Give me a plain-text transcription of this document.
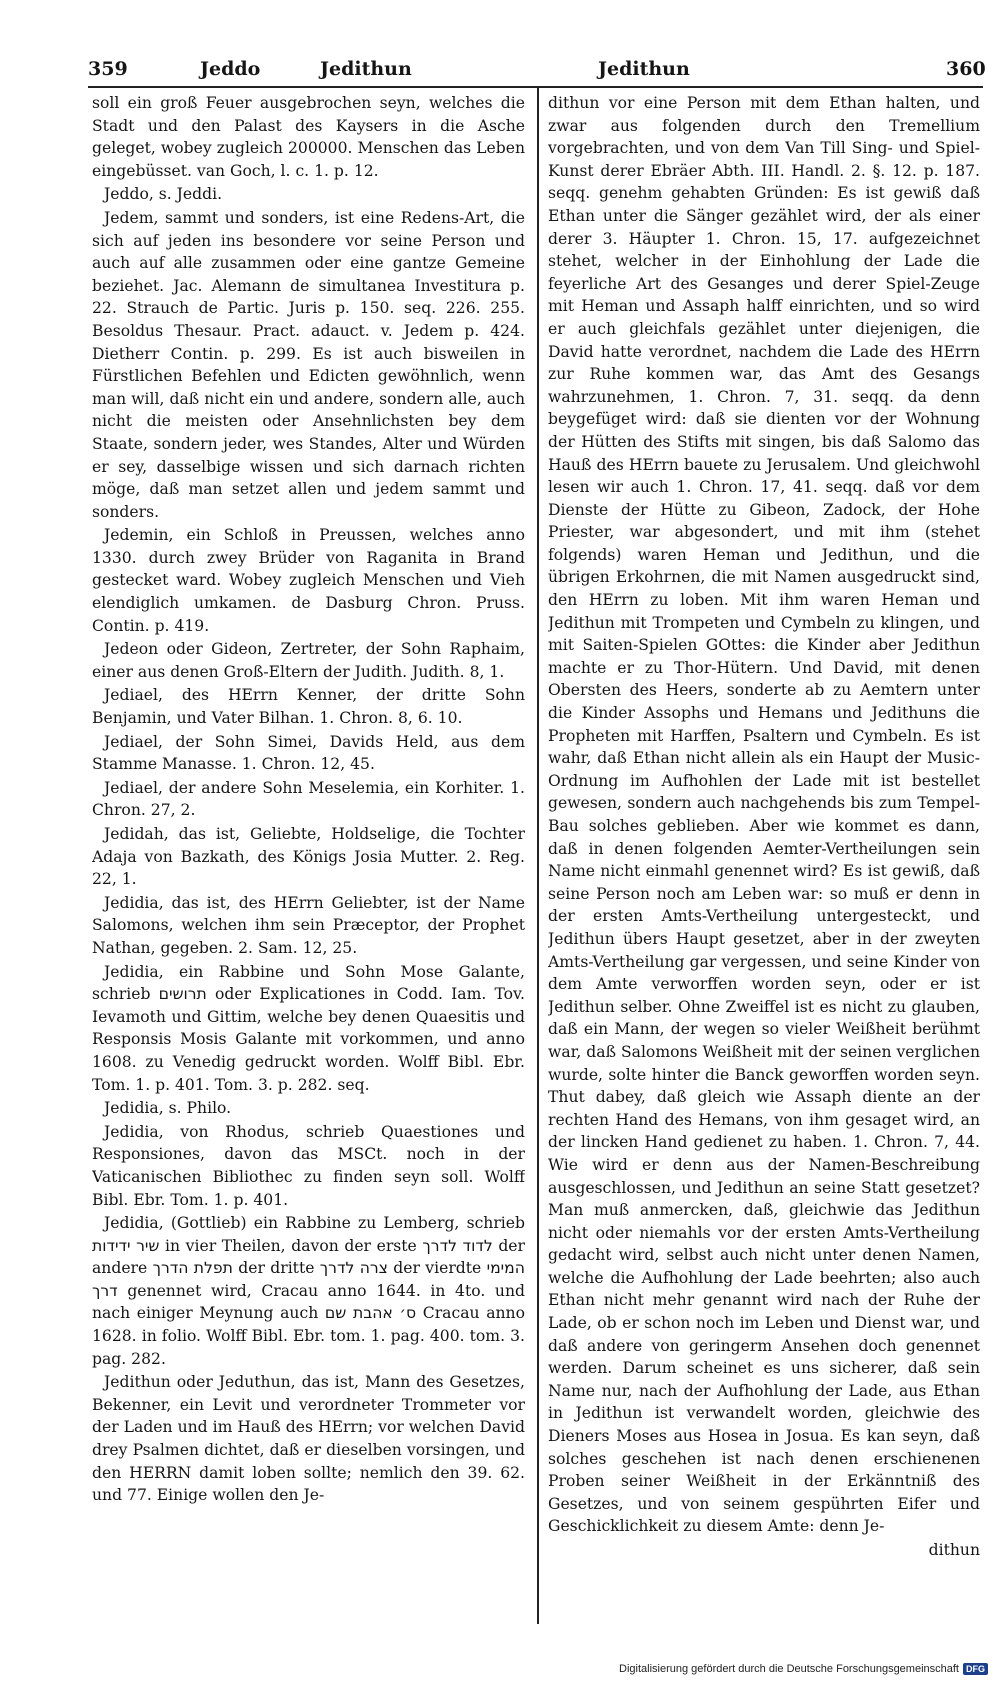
359	Jeddo	Jedithun	Jedithun	360

soll ein groß Feuer ausgebrochen seyn, welches die Stadt und den Palast des Kaysers in die Asche geleget, wobey zugleich 200000. Menschen das Leben eingebüsset. van Goch, l. c. 1. p. 12.

Jeddo, s. Jeddi.

Jedem, sammt und sonders, ist eine Redens-Art, die sich auf jeden ins besondere vor seine Person und auch auf alle zusammen oder eine gantze Gemeine beziehet. Jac. Alemann de simultanea Investitura p. 22. Strauch de Partic. Juris p. 150. seq. 226. 255. Besoldus Thesaur. Pract. adauct. v. Jedem p. 424. Dietherr Contin. p. 299. Es ist auch bisweilen in Fürstlichen Befehlen und Edicten gewöhnlich, wenn man will, daß nicht ein und andere, sondern alle, auch nicht die meisten oder Ansehnlichsten bey dem Staate, sondern jeder, wes Standes, Alter und Würden er sey, dasselbige wissen und sich darnach richten möge, daß man setzet allen und jedem sammt und sonders.

Jedemin, ein Schloß in Preussen, welches anno 1330. durch zwey Brüder von Raganita in Brand gestecket ward. Wobey zugleich Menschen und Vieh elendiglich umkamen. de Dasburg Chron. Pruss. Contin. p. 419.

Jedeon oder Gideon, Zertreter, der Sohn Raphaim, einer aus denen Groß-Eltern der Judith. Judith. 8, 1.

Jediael, des HErrn Kenner, der dritte Sohn Benjamin, und Vater Bilhan. 1. Chron. 8, 6. 10.

Jediael, der Sohn Simei, Davids Held, aus dem Stamme Manasse. 1. Chron. 12, 45.

Jediael, der andere Sohn Meselemia, ein Korhiter. 1. Chron. 27, 2.

Jedidah, das ist, Geliebte, Holdselige, die Tochter Adaja von Bazkath, des Königs Josia Mutter. 2. Reg. 22, 1.

Jedidia, das ist, des HErrn Geliebter, ist der Name Salomons, welchen ihm sein Præceptor, der Prophet Nathan, gegeben. 2. Sam. 12, 25.

Jedidia, ein Rabbine und Sohn Mose Galante, schrieb תרושים oder Explicationes in Codd. Iam. Tov. Ievamoth und Gittim, welche bey denen Quaesitis und Responsis Mosis Galante mit vorkommen, und anno 1608. zu Venedig gedruckt worden. Wolff Bibl. Ebr. Tom. 1. p. 401. Tom. 3. p. 282. seq.

Jedidia, s. Philo.

Jedidia, von Rhodus, schrieb Quaestiones und Responsiones, davon das MSCt. noch in der Vaticanischen Bibliothec zu finden seyn soll. Wolff Bibl. Ebr. Tom. 1. p. 401.

Jedidia, (Gottlieb) ein Rabbine zu Lemberg, schrieb שיר ידידות in vier Theilen, davon der erste לדוד לדרך der andere תפלת הדרך der dritte צרה לדרך der vierdte המימי דרך genennet wird, Cracau anno 1644. in 4to. und nach einiger Meynung auch ס׳ אהבת שם Cracau anno 1628. in folio. Wolff Bibl. Ebr. tom. 1. pag. 400. tom. 3. pag. 282.

Jedithun oder Jeduthun, das ist, Mann des Gesetzes, Bekenner, ein Levit und verordneter Trommeter vor der Laden und im Hauß des HErrn; vor welchen David drey Psalmen dichtet, daß er dieselben vorsingen, und den HERRN damit loben sollte; nemlich den 39. 62. und 77. Einige wollen den Je-

dithun vor eine Person mit dem Ethan halten, und zwar aus folgenden durch den Tremellium vorgebrachten, und von dem Van Till Sing- und Spiel-Kunst derer Ebräer Abth. III. Handl. 2. §. 12. p. 187. seqq. genehm gehabten Gründen: Es ist gewiß daß Ethan unter die Sänger gezählet wird, der als einer derer 3. Häupter 1. Chron. 15, 17. aufgezeichnet stehet, welcher in der Einhohlung der Lade die feyerliche Art des Gesanges und derer Spiel-Zeuge mit Heman und Assaph halff einrichten, und so wird er auch gleichfals gezählet unter diejenigen, die David hatte verordnet, nachdem die Lade des HErrn zur Ruhe kommen war, das Amt des Gesangs wahrzunehmen, 1. Chron. 7, 31. seqq. da denn beygefüget wird: daß sie dienten vor der Wohnung der Hütten des Stifts mit singen, bis daß Salomo das Hauß des HErrn bauete zu Jerusalem. Und gleichwohl lesen wir auch 1. Chron. 17, 41. seqq. daß vor dem Dienste der Hütte zu Gibeon, Zadock, der Hohe Priester, war abgesondert, und mit ihm (stehet folgends) waren Heman und Jedithun, und die übrigen Erkohrnen, die mit Namen ausgedruckt sind, den HErrn zu loben. Mit ihm waren Heman und Jedithun mit Trompeten und Cymbeln zu klingen, und mit Saiten-Spielen GOttes: die Kinder aber Jedithun machte er zu Thor-Hütern. Und David, mit denen Obersten des Heers, sonderte ab zu Aemtern unter die Kinder Assophs und Hemans und Jedithuns die Propheten mit Harffen, Psaltern und Cymbeln. Es ist wahr, daß Ethan nicht allein als ein Haupt der Music-Ordnung im Aufhohlen der Lade mit ist bestellet gewesen, sondern auch nachgehends bis zum Tempel-Bau solches geblieben. Aber wie kommet es dann, daß in denen folgenden Aemter-Vertheilungen sein Name nicht einmahl genennet wird? Es ist gewiß, daß seine Person noch am Leben war: so muß er denn in der ersten Amts-Vertheilung untergesteckt, und Jedithun übers Haupt gesetzet, aber in der zweyten Amts-Vertheilung gar vergessen, und seine Kinder von dem Amte verworffen worden seyn, oder er ist Jedithun selber. Ohne Zweiffel ist es nicht zu glauben, daß ein Mann, der wegen so vieler Weißheit berühmt war, daß Salomons Weißheit mit der seinen verglichen wurde, solte hinter die Banck geworffen worden seyn. Thut dabey, daß gleich wie Assaph diente an der rechten Hand des Hemans, von ihm gesaget wird, an der lincken Hand gedienet zu haben. 1. Chron. 7, 44. Wie wird er denn aus der Namen-Beschreibung ausgeschlossen, und Jedithun an seine Statt gesetzet? Man muß anmercken, daß, gleichwie das Jedithun nicht oder niemahls vor der ersten Amts-Vertheilung gedacht wird, selbst auch nicht unter denen Namen, welche die Aufhohlung der Lade beehrten; also auch Ethan nicht mehr genannt wird nach der Ruhe der Lade, ob er schon noch im Leben und Dienst war, und daß andere von geringerm Ansehen doch genennet werden. Darum scheinet es uns sicherer, daß sein Name nur, nach der Aufhohlung der Lade, aus Ethan in Jedithun ist verwandelt worden, gleichwie des Dieners Moses aus Hosea in Josua. Es kan seyn, daß solches geschehen ist nach denen erschienenen Proben seiner Weißheit in der Erkänntniß des Gesetzes, und von seinem gespührten Eifer und Geschicklichkeit zu diesem Amte: denn Je-

dithun

Digitalisierung gefördert durch die Deutsche Forschungsgemeinschaft DFG
